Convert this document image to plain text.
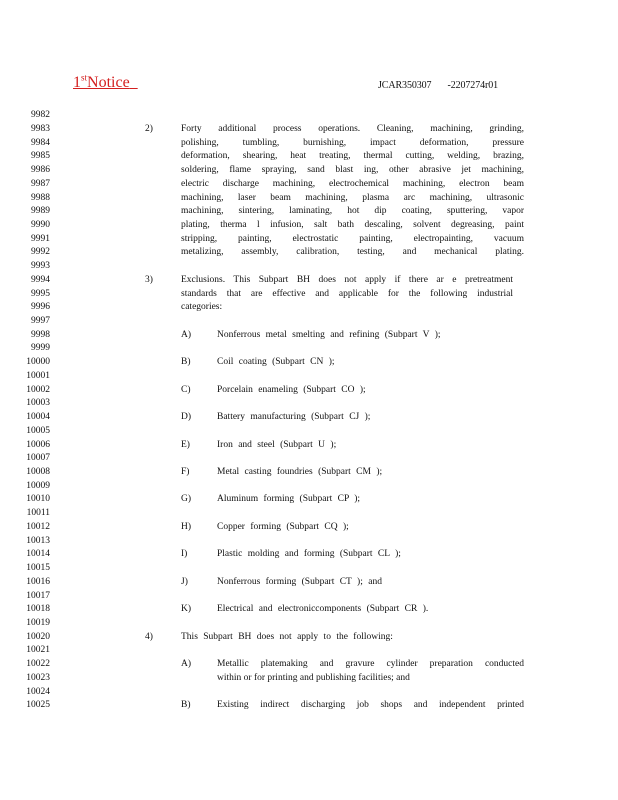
1stNotice	JCAR350307 -2207274r01
9982
9983
9984
9985
9986
9987
9988
9989
9990
9991
9992
9993
9994
9995
9996
9997
9998
9999
10000
10001
10002
10003
10004
10005
10006
10007
10008
10009
10010
10011
10012
10013
10014
10015
10016
10017
10018
10019
10020
10021
10022
10023
10024
10025
2)	Forty additional process operations. Cleaning, machining, grinding,
polishing, tumbling, burnishing, impact deformation, pressure
deformation, shearing, heat treating, thermal cutting, welding, brazing,
soldering, flame spraying, sand blast ing, other abrasive jet machining,
electric discharge machining, electrochemical machining, electron beam
machining, laser beam machining, plasma arc machining, ultrasonic
machining, sintering, laminating, hot dip coating, sputtering, vapor
plating, therma l infusion, salt bath descaling, solvent degreasing, paint
stripping, painting, electrostatic painting, electropainting, vacuum
metalizing, assembly, calibration, testing, and mechanical plating.
3)	Exclusions. This Subpart BH does not apply if there ar e pretreatment
standards that are effective and applicable for the following industrial
categories:
A)	Nonferrous metal smelting and refining (Subpart V );
B)	Coil coating (Subpart CN );
C)	Porcelain enameling (Subpart CO );
D)	Battery manufacturing (Subpart CJ );
E)	Iron and steel (Subpart U );
F)	Metal casting foundries (Subpart CM );
G)	Aluminum forming (Subpart CP );
H)	Copper forming (Subpart CQ );
I)	Plastic molding and forming (Subpart CL );
J)	Nonferrous forming (Subpart CT ); and
K)	Electrical and electroniccomponents (Subpart CR ).
4)	This Subpart BH does not apply to the following:
A)	Metallic platemaking and gravure cylinder preparation conducted
within or for printing and publishing facilities; and
B)	Existing indirect discharging job shops and independent printed
